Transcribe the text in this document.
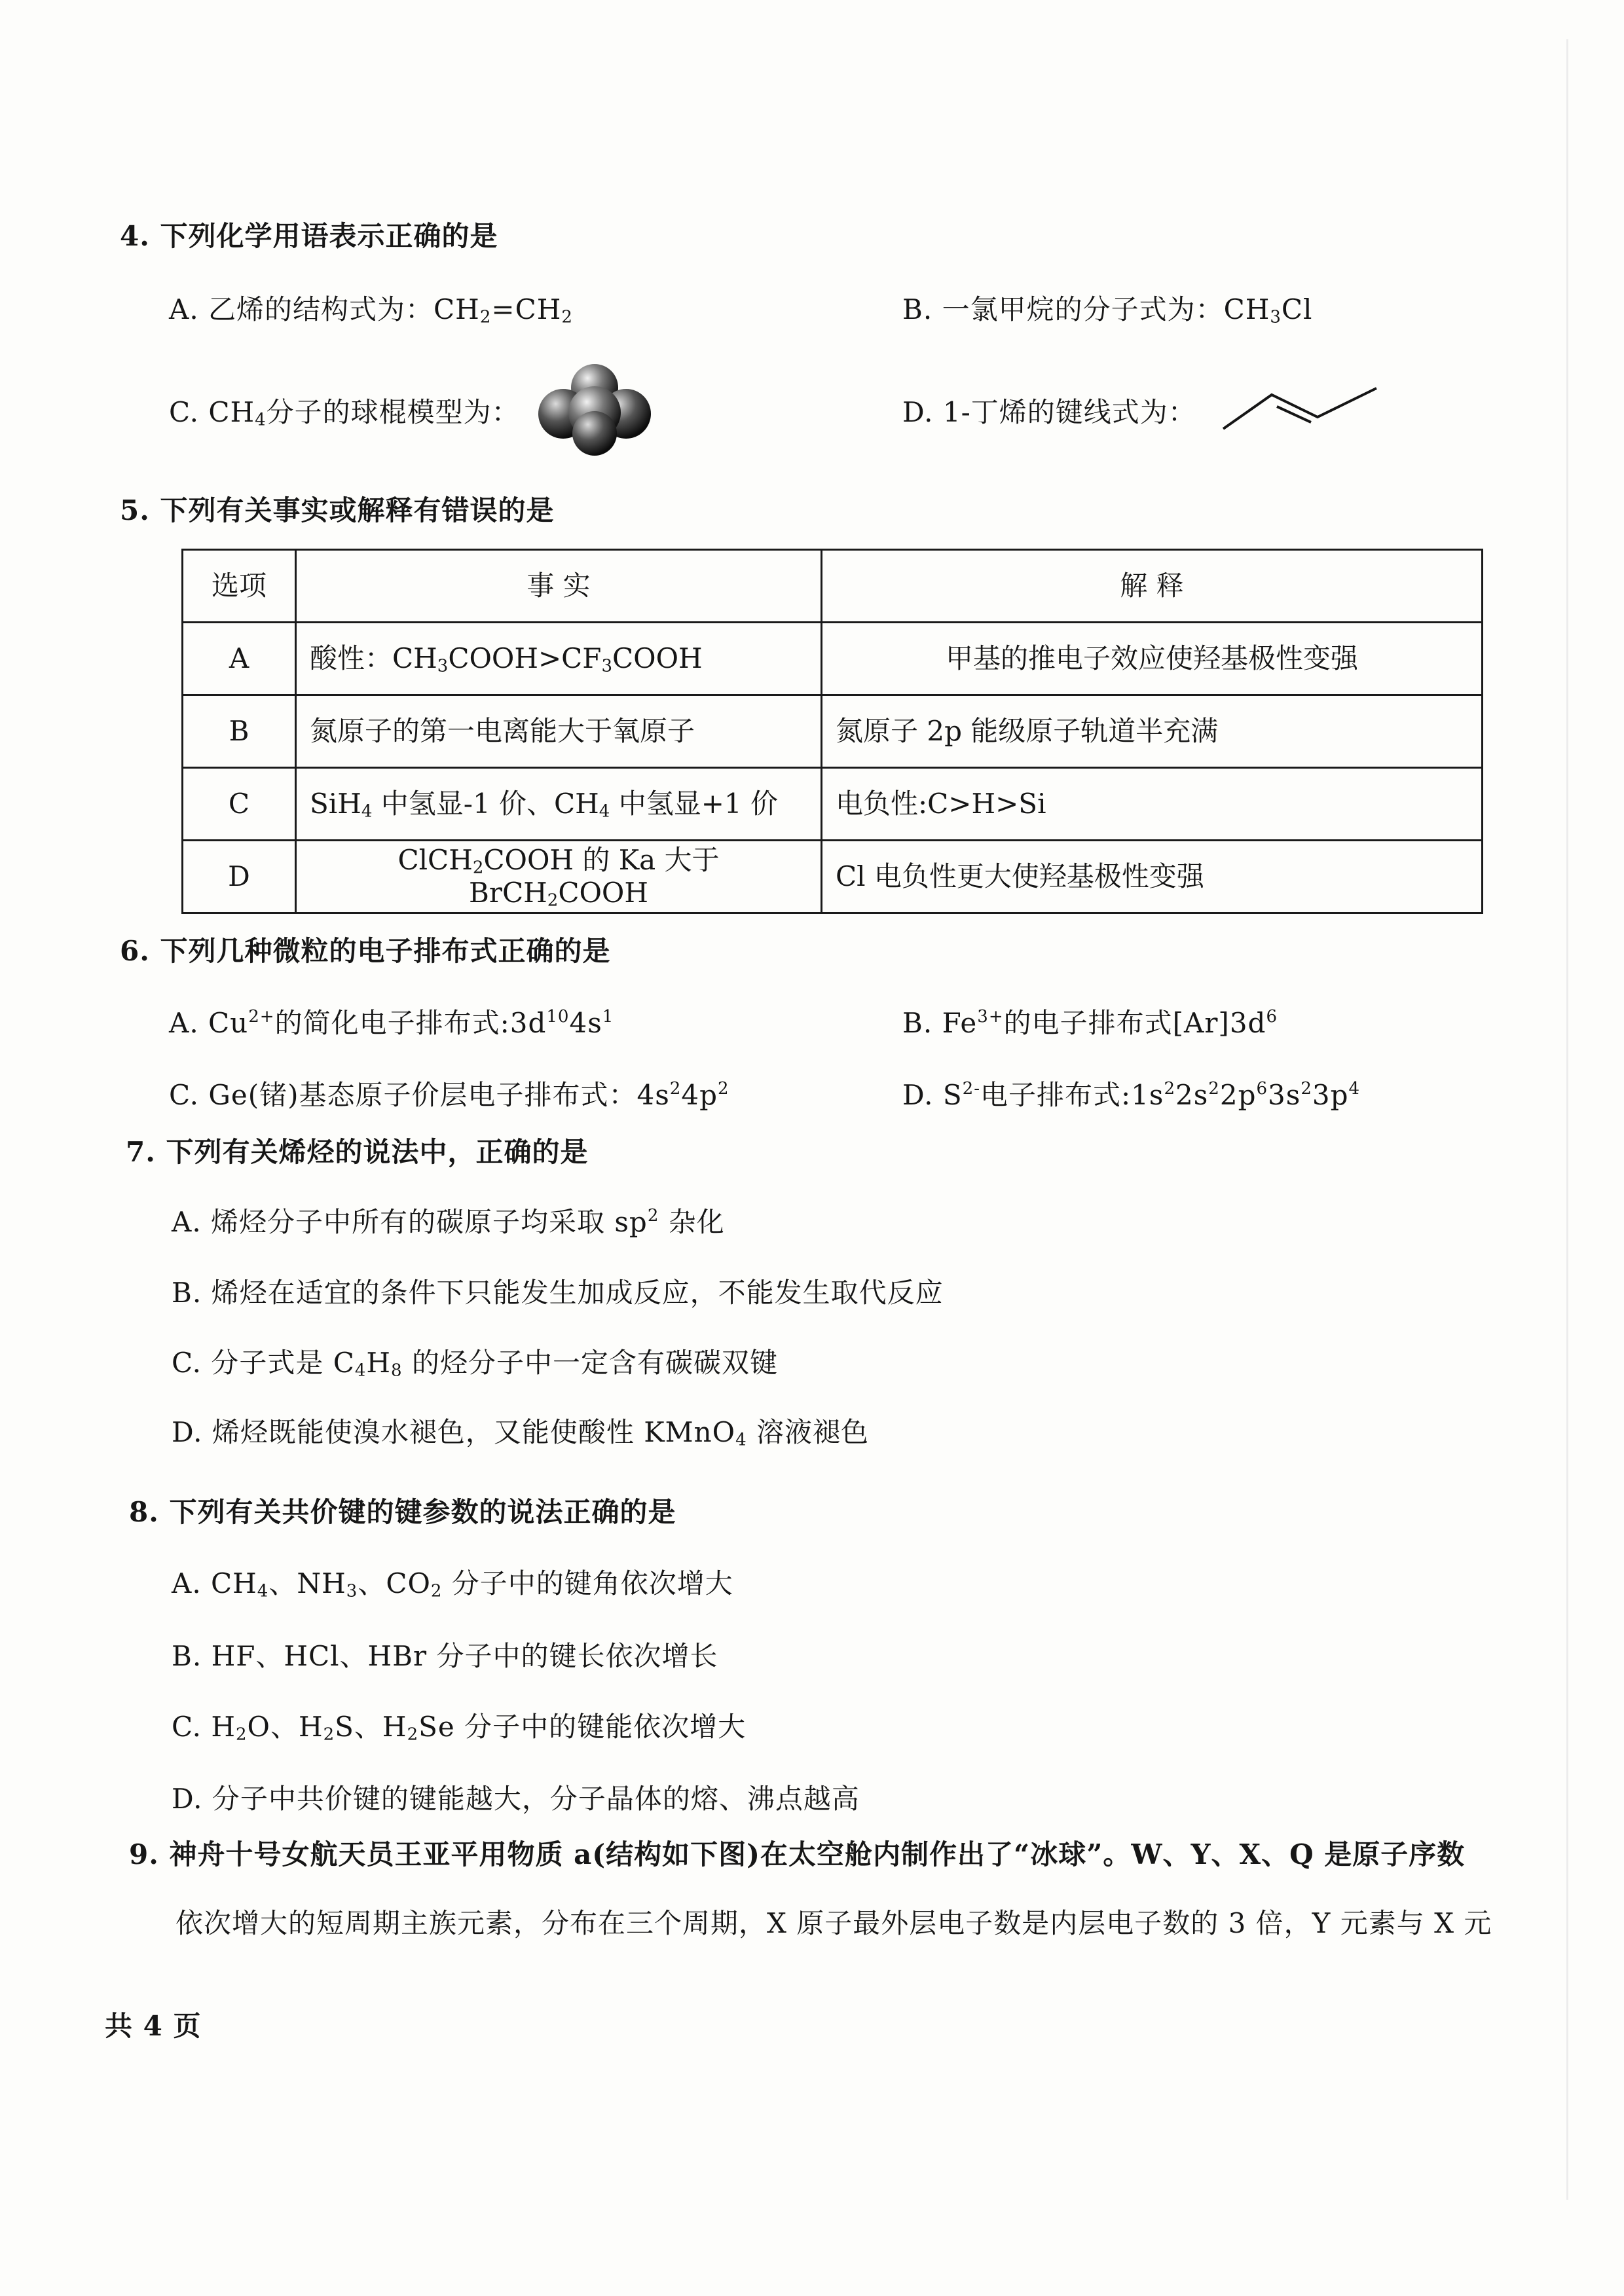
4. 下列化学用语表示正确的是
A. 乙烯的结构式为：$CH_2=CH_2$	B. 一氯甲烷的分子式为：$CH_3Cl$
C. $CH_4$分子的球棍模型为：	D. 1-丁烯的键线式为：
5. 下列有关事实或解释有错误的是
选项	事 实	解 释
A	酸性：$CH_3COOH>CF_3COOH$	甲基的推电子效应使羟基极性变强
B	氮原子的第一电离能大于氧原子	氮原子 2p 能级原子轨道半充满
C	SiH$_4$ 中氢显-1 价、$CH_4$ 中氢显+1 价	电负性:C>H>Si
D	ClCH$_2$COOH 的 Ka 大于 BrCH$_2$COOH	Cl 电负性更大使羟基极性变强
6. 下列几种微粒的电子排布式正确的是
A. $Cu^{2+}$的简化电子排布式$:3d^{10}4s^1$	B. $Fe^{3+}$的电子排布式$[Ar]3d^6$
C. Ge(锗)基态原子价层电子排布式：$4s^24p^2$	D. $S^{2-}$电子排布式$:1s^22s^22p^63s^23p^4$
7. 下列有关烯烃的说法中，正确的是
A. 烯烃分子中所有的碳原子均采取 $sp^2$ 杂化
B. 烯烃在适宜的条件下只能发生加成反应，不能发生取代反应
C. 分子式是 $C_4H_8$ 的烃分子中一定含有碳碳双键
D. 烯烃既能使溴水褪色，又能使酸性 KMnO$_4$ 溶液褪色
8. 下列有关共价键的键参数的说法正确的是
A. $CH_4$、$NH_3$、$CO_2$ 分子中的键角依次增大
B. HF、HCl、HBr 分子中的键长依次增长
C. $H_2O$、$H_2S$、$H_2Se$ 分子中的键能依次增大
D. 分子中共价键的键能越大，分子晶体的熔、沸点越高
9. 神舟十号女航天员王亚平用物质 a(结构如下图)在太空舱内制作出了“冰球”。W、Y、X、Q 是原子序数
依次增大的短周期主族元素，分布在三个周期，X 原子最外层电子数是内层电子数的 3 倍，Y 元素与 X 元
共 4 页
